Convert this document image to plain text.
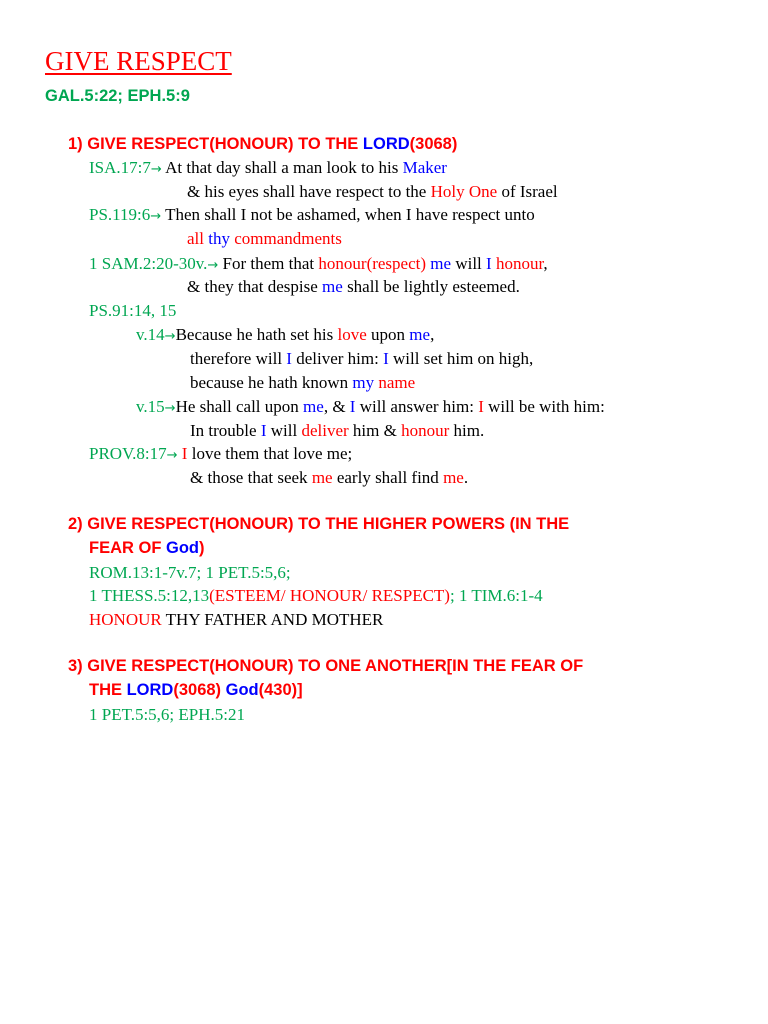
GIVE RESPECT
GAL.5:22; EPH.5:9
1) GIVE RESPECT(HONOUR) TO THE LORD(3068)
ISA.17:7→ At that day shall a man look to his Maker
& his eyes shall have respect to the Holy One of Israel
PS.119:6→ Then shall I not be ashamed, when I have respect unto
all thy commandments
1 SAM.2:20-30v.→ For them that honour(respect) me will I honour,
& they that despise me shall be lightly esteemed.
PS.91:14, 15
v.14→Because he hath set his love upon me,
therefore will I deliver him: I will set him on high,
because he hath known my name
v.15→He shall call upon me, & I will answer him: I will be with him:
In trouble I will deliver him & honour him.
PROV.8:17→ I love them that love me;
& those that seek me early shall find me.
2) GIVE RESPECT(HONOUR) TO THE HIGHER POWERS (IN THE
FEAR OF God)
ROM.13:1-7v.7; 1 PET.5:5,6;
1 THESS.5:12,13(ESTEEM/ HONOUR/ RESPECT); 1 TIM.6:1-4
HONOUR THY FATHER AND MOTHER
3) GIVE RESPECT(HONOUR) TO ONE ANOTHER[IN THE FEAR OF
THE LORD(3068) God(430)]
1 PET.5:5,6; EPH.5:21
